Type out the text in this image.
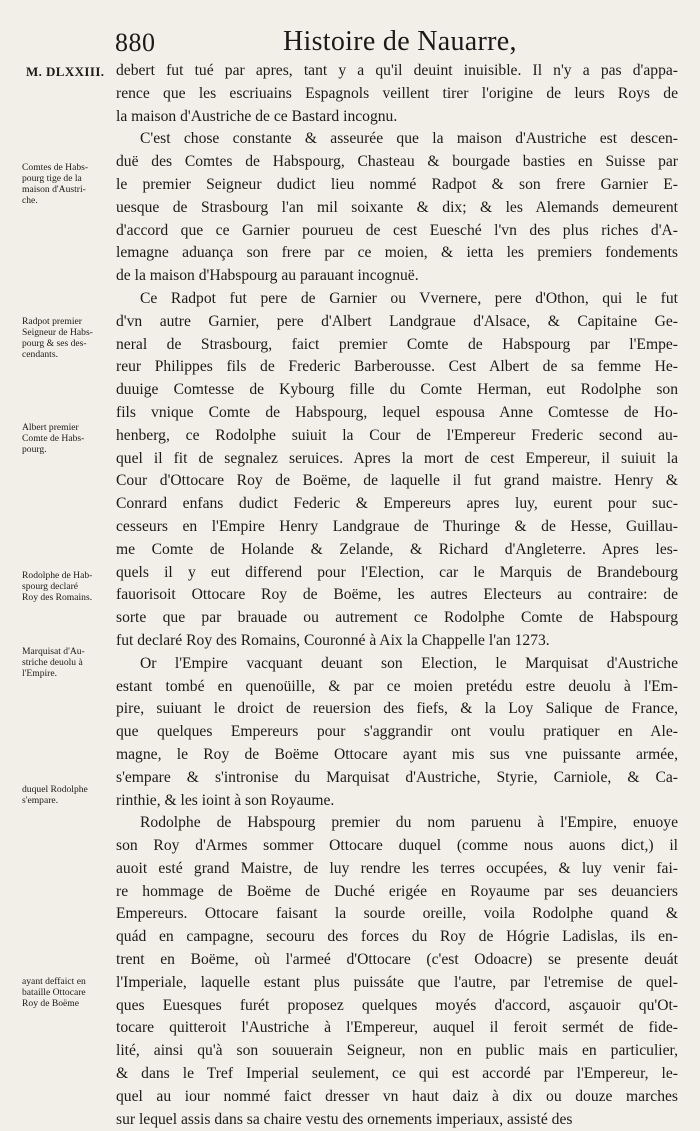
880	Histoire de Nauarre,
M. DLXXIII.
Comtes de Habs-
pourg tige de la
maison d'Austri-
che.
Radpot premier
Seigneur de Habs-
pourg & ses des-
cendants.
Albert premier
Comte de Habs-
pourg.
Rodolphe de Hab-
spourg declaré
Roy des Romains.
Marquisat d'Au-
striche deuolu à
l'Empire.
duquel Rodolphe
s'empare.
ayant deffaict en
bataille Ottocare
Roy de Boëme
debert fut tué par apres, tant y a qu'il deuint inuisible. Il n'y a pas d'appa-
rence que les escriuains Espagnols veillent tirer l'origine de leurs Roys de
la maison d'Austriche de ce Bastard incognu.
C'est chose constante & asseurée que la maison d'Austriche est descen-
duë des Comtes de Habspourg, Chasteau & bourgade basties en Suisse par
le premier Seigneur dudict lieu nommé Radpot & son frere Garnier E-
uesque de Strasbourg l'an mil soixante & dix; & les Alemands demeurent
d'accord que ce Garnier pourueu de cest Euesché l'vn des plus riches d'A-
lemagne aduança son frere par ce moien, & ietta les premiers fondements
de la maison d'Habspourg au parauant incognuë.
Ce Radpot fut pere de Garnier ou Vvernere, pere d'Othon, qui le fut
d'vn autre Garnier, pere d'Albert Landgraue d'Alsace, & Capitaine Ge-
neral de Strasbourg, faict premier Comte de Habspourg par l'Empe-
reur Philippes fils de Frederic Barberousse. Cest Albert de sa femme He-
duuige Comtesse de Kybourg fille du Comte Herman, eut Rodolphe son
fils vnique Comte de Habspourg, lequel espousa Anne Comtesse de Ho-
henberg, ce Rodolphe suiuit la Cour de l'Empereur Frederic second au-
quel il fit de segnalez seruices. Apres la mort de cest Empereur, il suiuit la
Cour d'Ottocare Roy de Boëme, de laquelle il fut grand maistre. Henry &
Conrard enfans dudict Federic & Empereurs apres luy, eurent pour suc-
cesseurs en l'Empire Henry Landgraue de Thuringe & de Hesse, Guillau-
me Comte de Holande & Zelande, & Richard d'Angleterre. Apres les-
quels il y eut differend pour l'Election, car le Marquis de Brandebourg
fauorisoit Ottocare Roy de Boëme, les autres Electeurs au contraire: de
sorte que par brauade ou autrement ce Rodolphe Comte de Habspourg
fut declaré Roy des Romains, Couronné à Aix la Chappelle l'an 1273.
Or l'Empire vacquant deuant son Election, le Marquisat d'Austriche
estant tombé en quenoüille, & par ce moien pretédu estre deuolu à l'Em-
pire, suiuant le droict de reuersion des fiefs, & la Loy Salique de France,
que quelques Empereurs pour s'aggrandir ont voulu pratiquer en Ale-
magne, le Roy de Boëme Ottocare ayant mis sus vne puissante armée,
s'empare & s'intronise du Marquisat d'Austriche, Styrie, Carniole, & Ca-
rinthie, & les ioint à son Royaume.
Rodolphe de Habspourg premier du nom paruenu à l'Empire, enuoye
son Roy d'Armes sommer Ottocare duquel (comme nous auons dict,) il
auoit esté grand Maistre, de luy rendre les terres occupées, & luy venir fai-
re hommage de Boëme de Duché erigée en Royaume par ses deuanciers
Empereurs. Ottocare faisant la sourde oreille, voila Rodolphe quand &
quád en campagne, secouru des forces du Roy de Hógrie Ladislas, ils en-
trent en Boëme, où l'armeé d'Ottocare (c'est Odoacre) se presente deuát
l'Imperiale, laquelle estant plus puissáte que l'autre, par l'etremise de quel-
ques Euesques furét proposez quelques moyés d'accord, asçauoir qu'Ot-
tocare quitteroit l'Austriche à l'Empereur, auquel il feroit sermét de fide-
lité, ainsi qu'à son souuerain Seigneur, non en public mais en particulier,
& dans le Tref Imperial seulement, ce qui est accordé par l'Empereur, le-
quel au iour nommé faict dresser vn haut daiz à dix ou douze marches
sur lequel assis dans sa chaire vestu des ornements imperiaux, assisté des
